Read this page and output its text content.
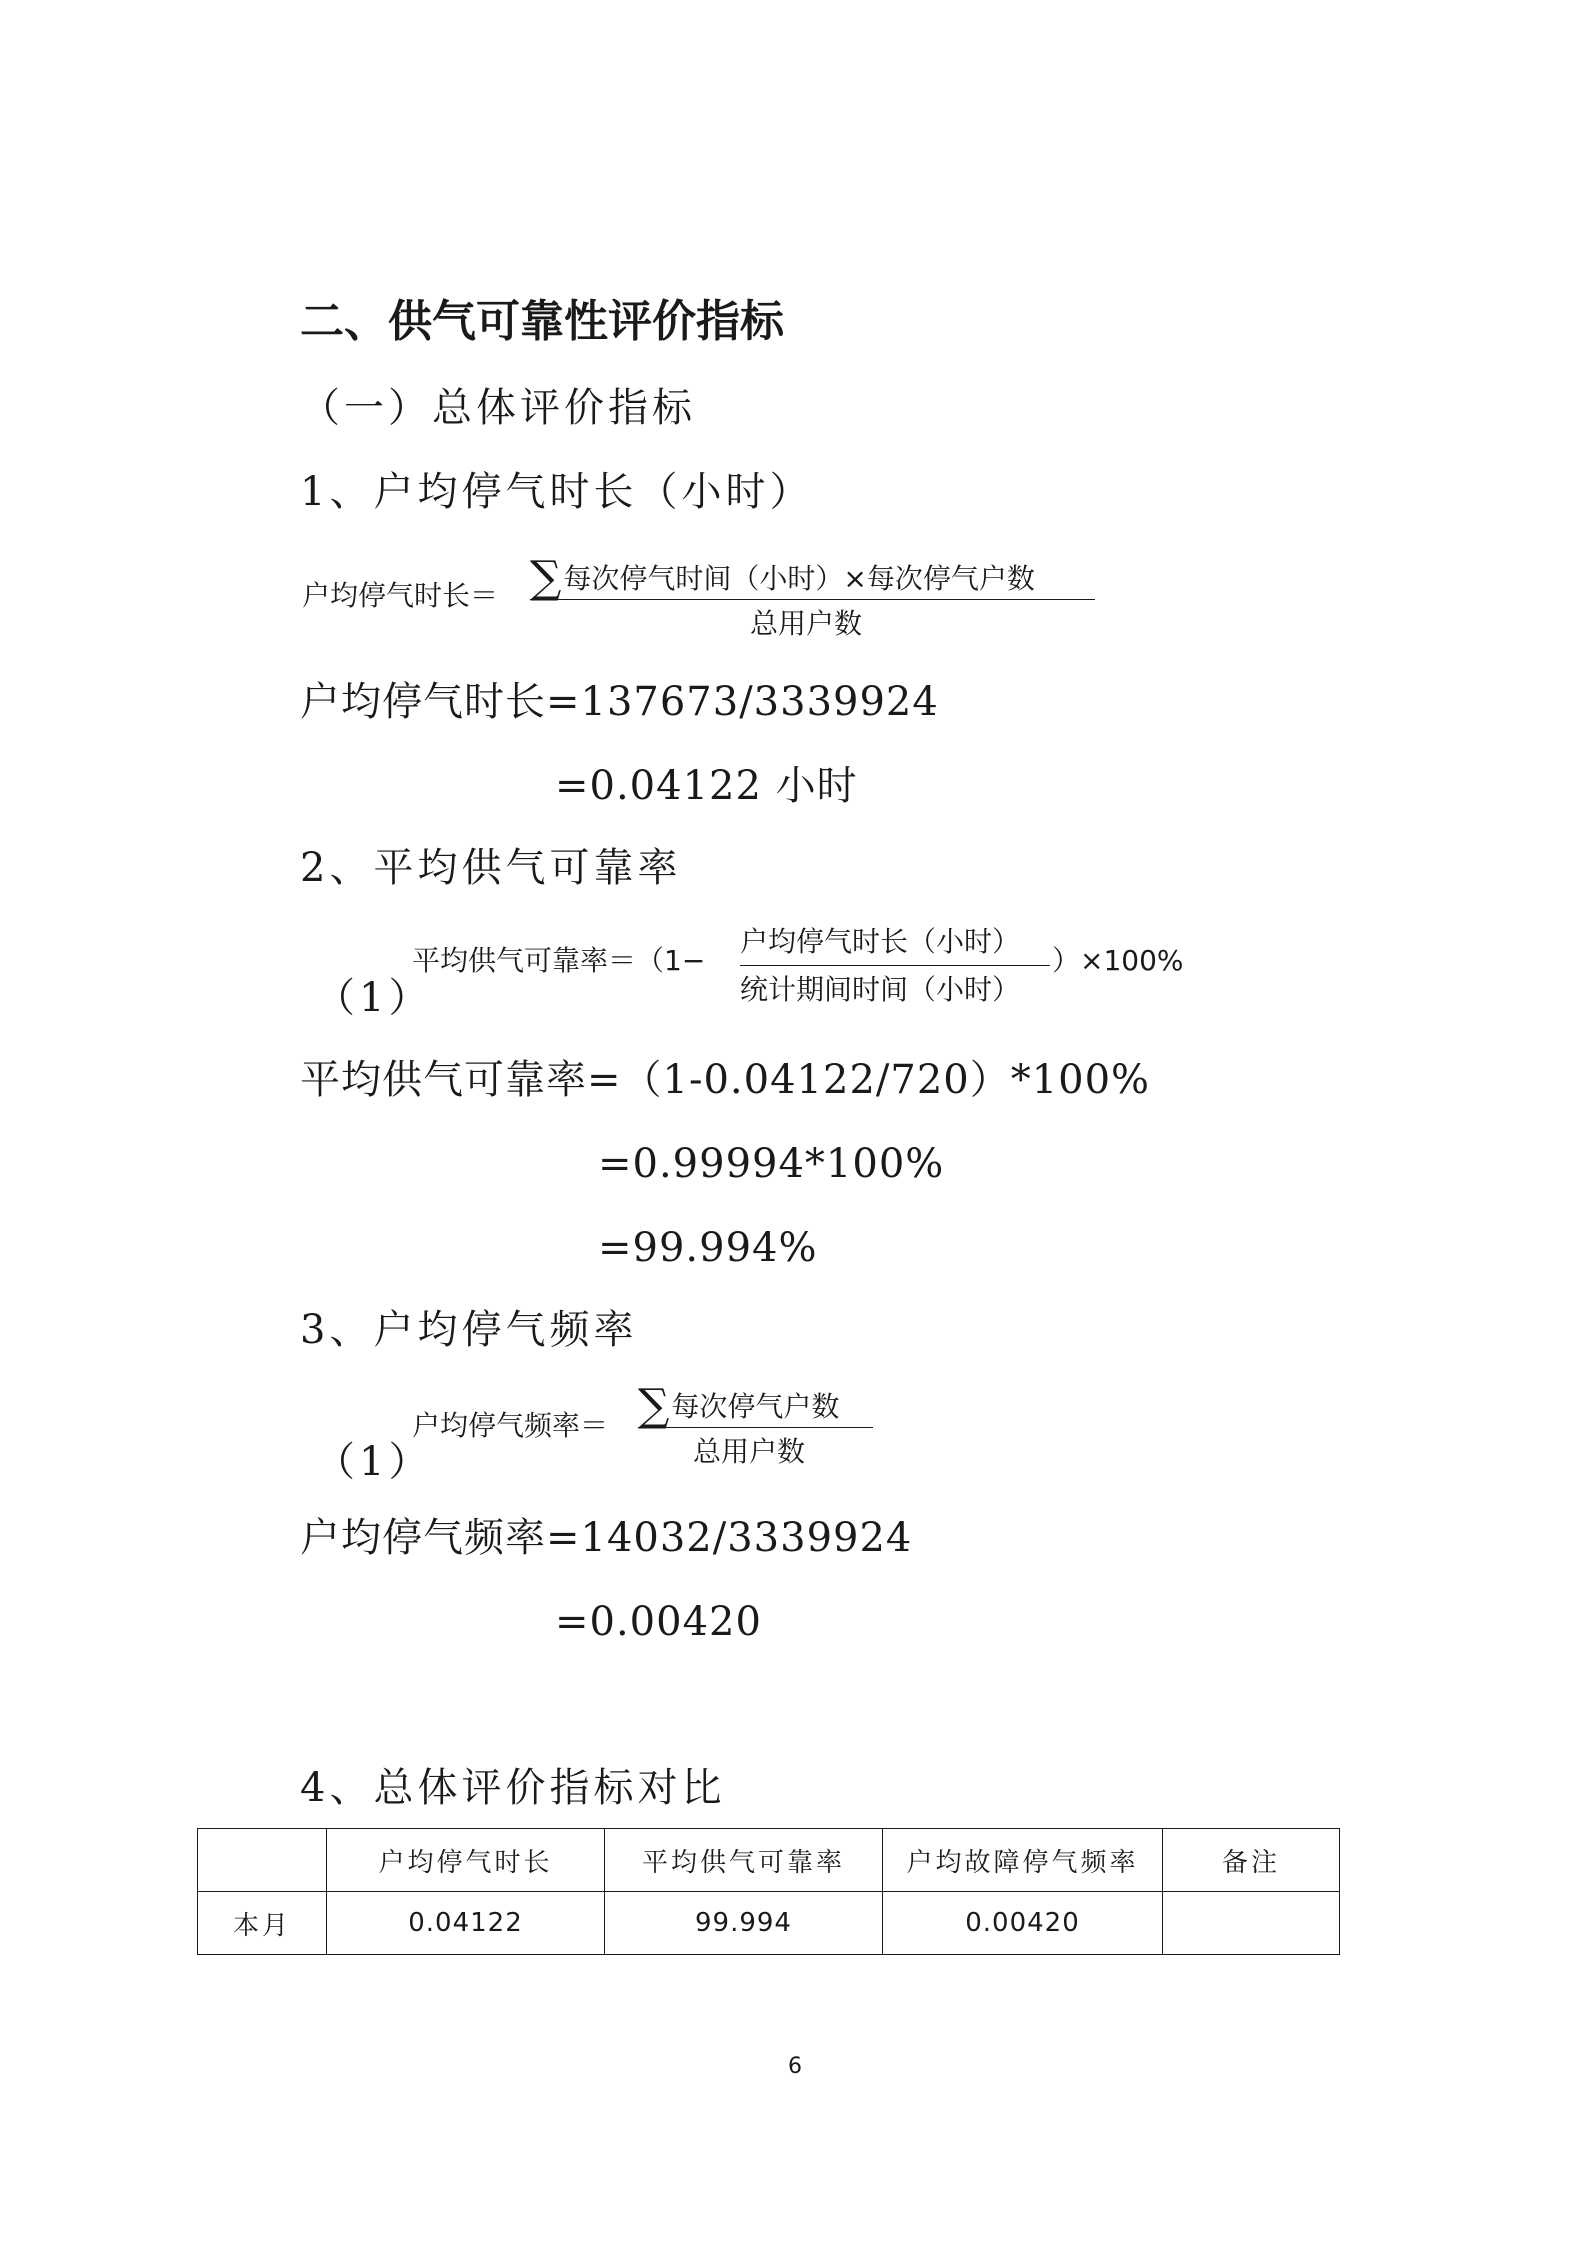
二、供气可靠性评价指标
（一）总体评价指标
1、户均停气时长（小时）
户均停气时长＝ ∑每次停气时间（小时）×每次停气户数
总用户数
户均停气时长=137673/3339924
=0.04122 小时
2、平均供气可靠率
（1）
平均供气可靠率＝（1−
户均停气时长（小时）
统计期间时间（小时）
）×100%
平均供气可靠率=（1-0.04122/720）*100%
=0.99994*100%
=99.994%
3、户均停气频率
（1）
户均停气频率＝ ∑每次停气户数
总用户数
户均停气频率=14032/3339924
=0.00420
4、总体评价指标对比
	户均停气时长	平均供气可靠率	户均故障停气频率	备注
本月	0.04122	99.994	0.00420	
6
